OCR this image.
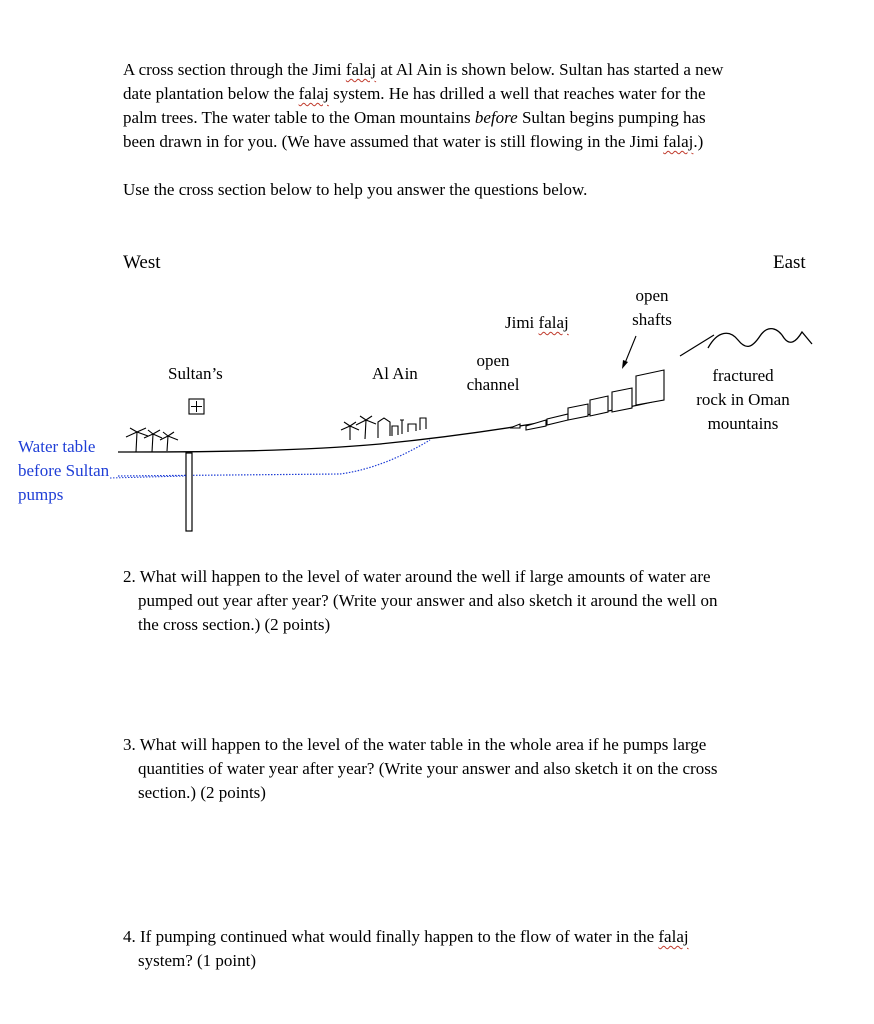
A cross section through the Jimi falaj at Al Ain is shown below. Sultan has started a new
date plantation below the falaj system. He has drilled a well that reaches water for the
palm trees. The water table to the Oman mountains before Sultan begins pumping has
been drawn in for you. (We have assumed that water is still flowing in the Jimi falaj.)
Use the cross section below to help you answer the questions below.
West	East
Jimi falaj
open
shafts
Sultan’s	Al Ain
open
channel	fractured
rock in Oman
mountains
Water table
before Sultan
pumps
2. What will happen to the level of water around the well if large amounts of water are
pumped out year after year? (Write your answer and also sketch it around the well on
the cross section.) (2 points)
3. What will happen to the level of the water table in the whole area if he pumps large
quantities of water year after year? (Write your answer and also sketch it on the cross
section.) (2 points)
4. If pumping continued what would finally happen to the flow of water in the falaj
system? (1 point)
